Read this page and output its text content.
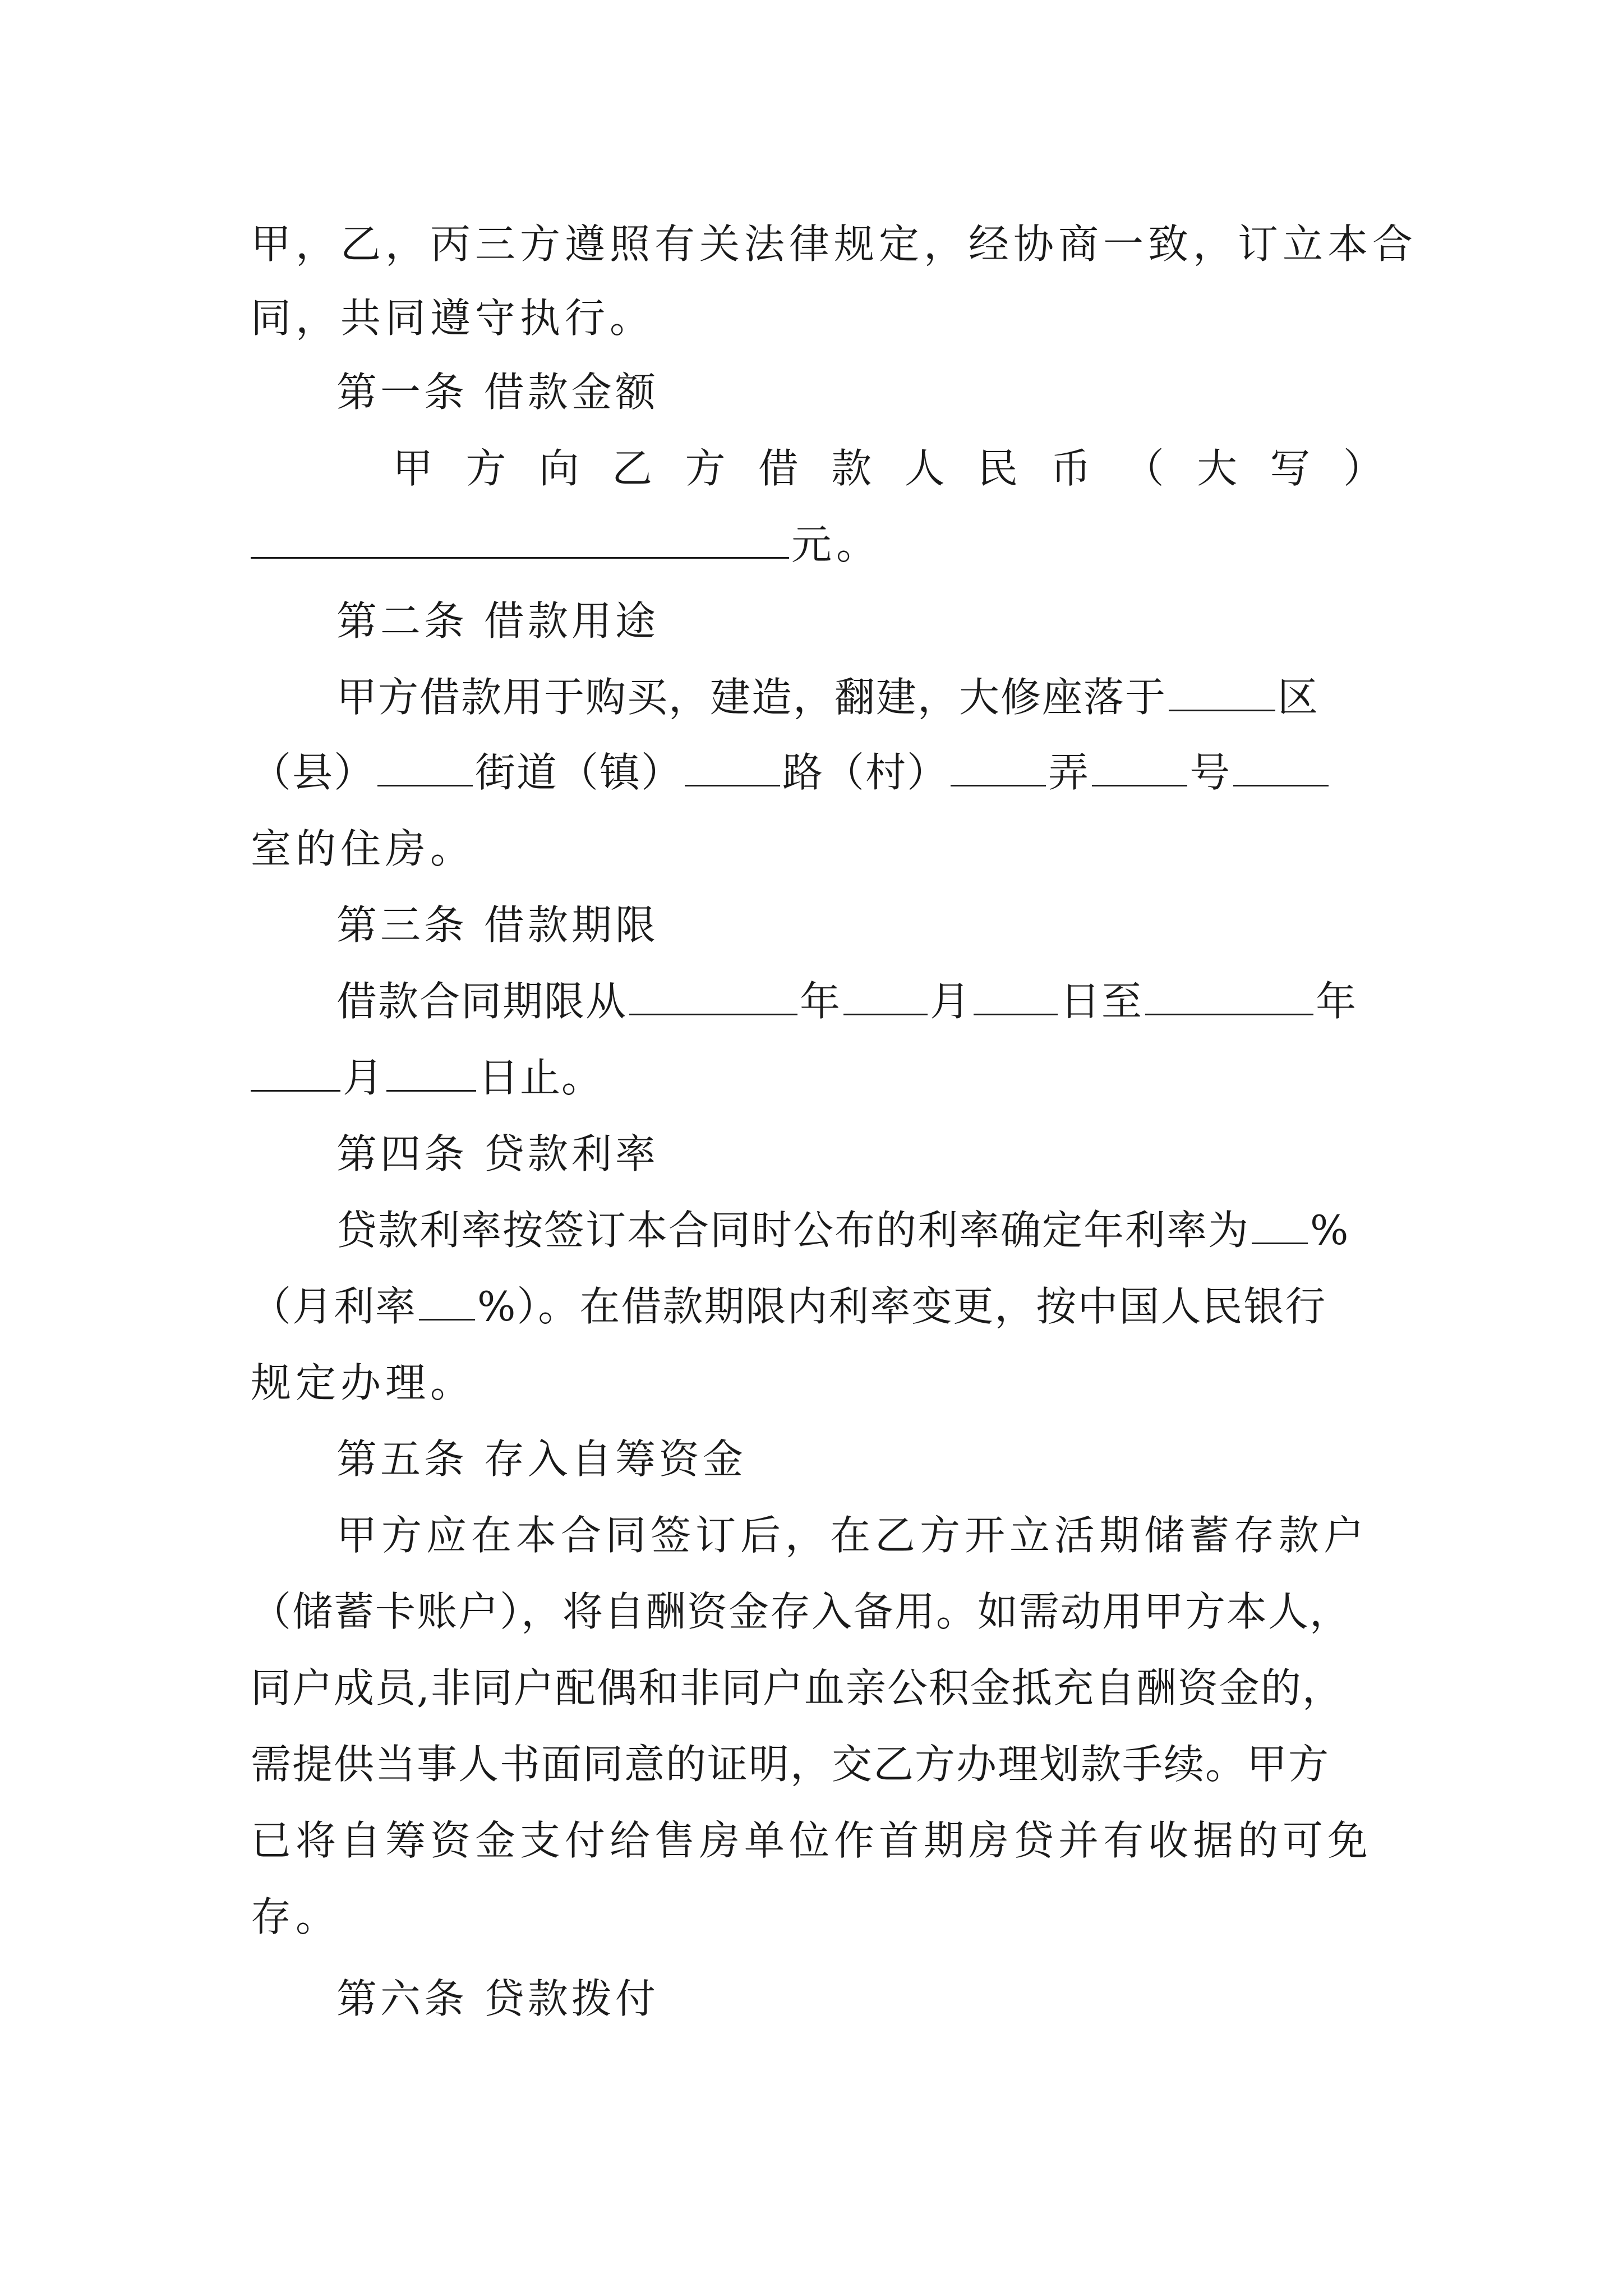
甲，乙，丙三方遵照有关法律规定，经协商一致，订立本合
同，共同遵守执行。
第一条 借款金额
甲 方 向 乙 方 借 款 人 民 币 （ 大 写 ）
元。
第二条 借款用途
甲方借款用于购买，建造，翻建，大修座落于	区
（县） 街道（镇） 路（村） 弄 号
室的住房。
第三条 借款期限
借款合同期限从	年 月 日至	年
月 日止。
第四条 贷款利率
贷款利率按签订本合同时公布的利率确定年利率为 %
（月利率 %）。在借款期限内利率变更，按中国人民银行
规定办理。
第五条 存入自筹资金
甲方应在本合同签订后，在乙方开立活期储蓄存款户
（储蓄卡账户），将自酬资金存入备用。如需动用甲方本人，
同户成员,非同户配偶和非同户血亲公积金抵充自酬资金的，
需提供当事人书面同意的证明，交乙方办理划款手续。甲方
已将自筹资金支付给售房单位作首期房贷并有收据的可免
存。
第六条 贷款拨付
